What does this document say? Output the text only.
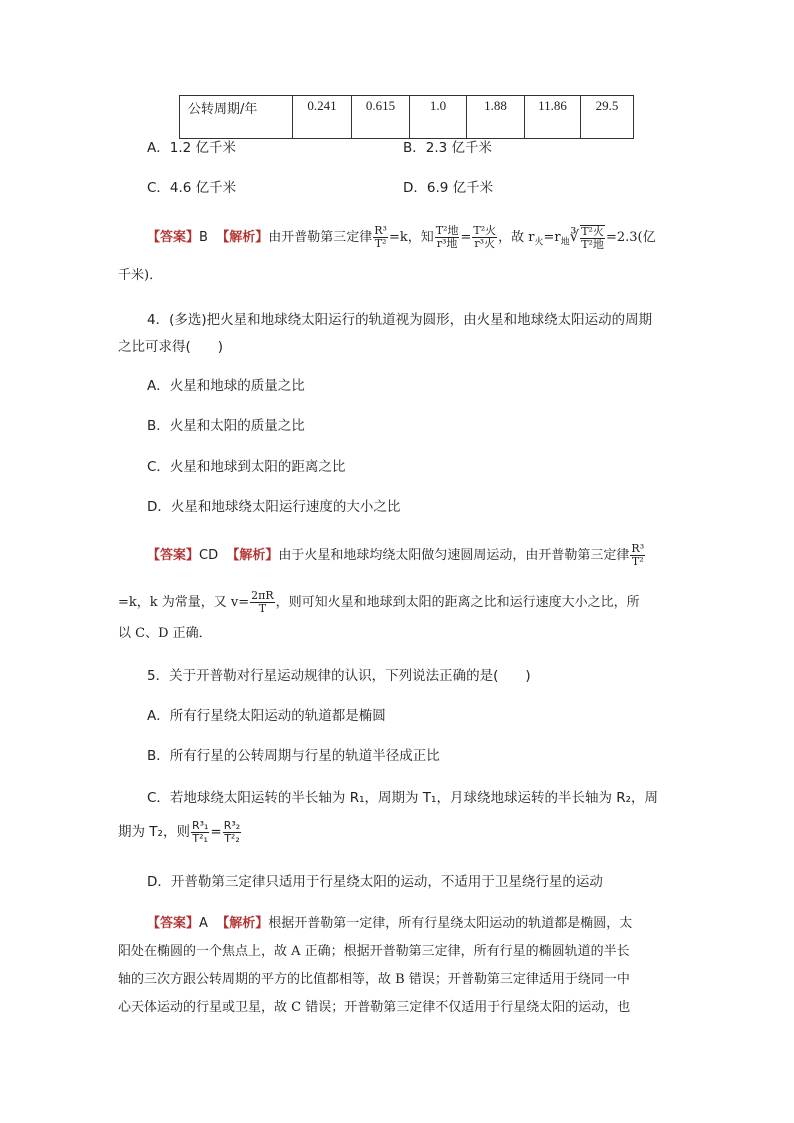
公转周期/年	0.241	0.615	1.0	1.88	11.86	29.5
A．1.2 亿千米	B．2.3 亿千米
C．4.6 亿千米	D．6.9 亿千米
【答案】B 【解析】由开普勒第三定律 $\frac{\text{R³}}{\text{T²}} =k$，知 $\frac{\text{T²地}}{\text{r³地}} = \frac{\text{T²火}}{\text{r³火}}$ ，故 $r_火=r_地∛ \frac{\text{T²火}}{\text{T²地}} =2.3$(亿
千米)．
4．(多选)把火星和地球绕太阳运行的轨道视为圆形，由火星和地球绕太阳运动的周期
之比可求得(　　)
A．火星和地球的质量之比
B．火星和太阳的质量之比
C．火星和地球到太阳的距离之比
D．火星和地球绕太阳运行速度的大小之比
【答案】CD 【解析】由于火星和地球均绕太阳做匀速圆周运动，由开普勒第三定律 $\frac{\text{R³}}{\text{T²}}$
=k，k 为常量，又 $v= \frac{2\pi R}{T}$ ，则可知火星和地球到太阳的距离之比和运行速度大小之比，所
以 C、D 正确．
5．关于开普勒对行星运动规律的认识，下列说法正确的是(　　)
A．所有行星绕太阳运动的轨道都是椭圆
B．所有行星的公转周期与行星的轨道半径成正比
C．若地球绕太阳运转的半长轴为 R₁，周期为 T₁，月球绕地球运转的半长轴为 R₂，周
期为 T₂，则 $\frac{\text{R³₁}}{\text{T²₁}} = \frac{\text{R³₂}}{\text{T²₂}}$
D．开普勒第三定律只适用于行星绕太阳的运动，不适用于卫星绕行星的运动
【答案】A 【解析】根据开普勒第一定律，所有行星绕太阳运动的轨道都是椭圆，太
阳处在椭圆的一个焦点上，故 A 正确；根据开普勒第三定律，所有行星的椭圆轨道的半长
轴的三次方跟公转周期的平方的比值都相等，故 B 错误；开普勒第三定律适用于绕同一中
心天体运动的行星或卫星，故 C 错误；开普勒第三定律不仅适用于行星绕太阳的运动，也
